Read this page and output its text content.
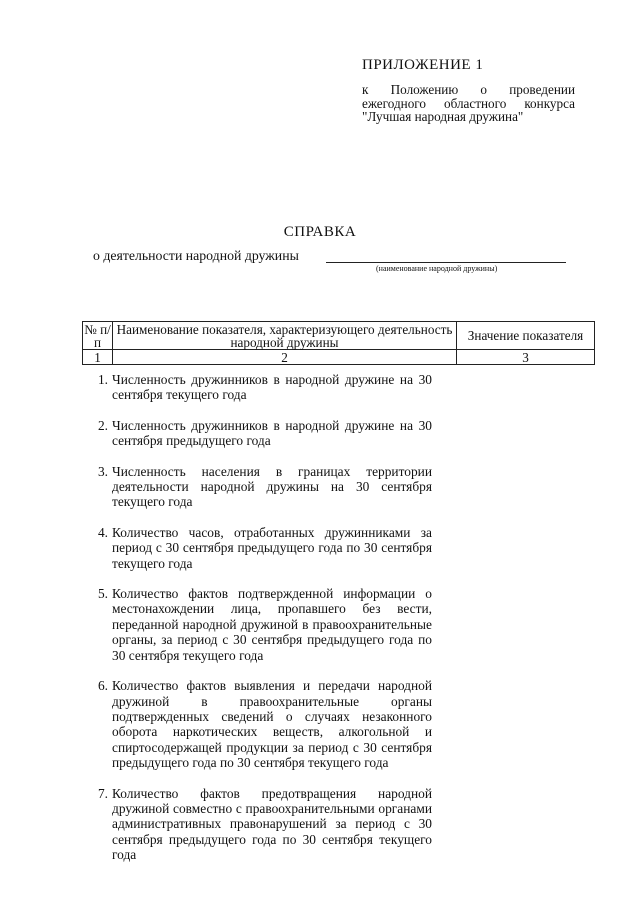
ПРИЛОЖЕНИЕ 1
к Положению о проведении ежегодного областного конкурса "Лучшая народная дружина"
СПРАВКА
о деятельности народной дружины
(наименование народной дружины)
№ п/п	Наименование показателя, характеризующего деятельность народной дружины	Значение показателя
1	2	3
1. Численность дружинников в народной дружине на 30 сентября текущего года
2. Численность дружинников в народной дружине на 30 сентября предыдущего года
3. Численность населения в границах территории деятельности народной дружины на 30 сентября текущего года
4. Количество часов, отработанных дружинниками за период с 30 сентября предыдущего года по 30 сентября текущего года
5. Количество фактов подтвержденной информации о местонахождении лица, пропавшего без вести, переданной народной дружиной в правоохранительные органы, за период с 30 сентября предыдущего года по 30 сентября текущего года
6. Количество фактов выявления и передачи народной дружиной в правоохранительные органы подтвержденных сведений о случаях незаконного оборота наркотических веществ, алкогольной и спиртосодержащей продукции за период с 30 сентября предыдущего года по 30 сентября текущего года
7. Количество фактов предотвращения народной дружиной совместно с правоохранительными органами административных правонарушений за период с 30 сентября предыдущего года по 30 сентября текущего года
